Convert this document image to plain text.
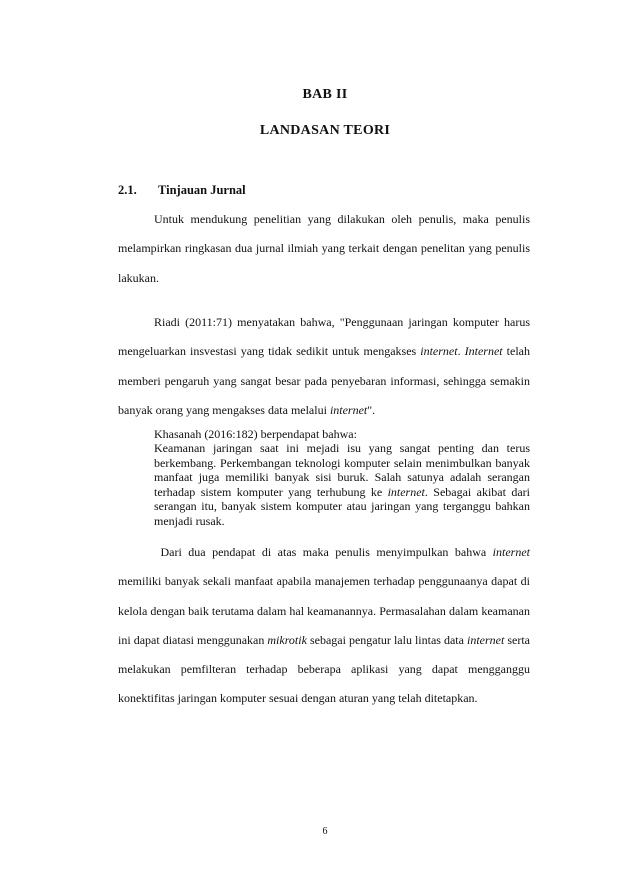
BAB II
LANDASAN TEORI
2.1. Tinjauan Jurnal
Untuk mendukung penelitian yang dilakukan oleh penulis, maka penulis melampirkan ringkasan dua jurnal ilmiah yang terkait dengan penelitan yang penulis lakukan.
Riadi (2011:71) menyatakan bahwa, "Penggunaan jaringan komputer harus mengeluarkan insvestasi yang tidak sedikit untuk mengakses internet. Internet telah memberi pengaruh yang sangat besar pada penyebaran informasi, sehingga semakin banyak orang yang mengakses data melalui internet".
Khasanah (2016:182) berpendapat bahwa:
Keamanan jaringan saat ini mejadi isu yang sangat penting dan terus berkembang. Perkembangan teknologi komputer selain menimbulkan banyak manfaat juga memiliki banyak sisi buruk. Salah satunya adalah serangan terhadap sistem komputer yang terhubung ke internet. Sebagai akibat dari serangan itu, banyak sistem komputer atau jaringan yang terganggu bahkan menjadi rusak.
Dari dua pendapat di atas maka penulis menyimpulkan bahwa internet memiliki banyak sekali manfaat apabila manajemen terhadap penggunaanya dapat di kelola dengan baik terutama dalam hal keamanannya. Permasalahan dalam keamanan ini dapat diatasi menggunakan mikrotik sebagai pengatur lalu lintas data internet serta melakukan pemfilteran terhadap beberapa aplikasi yang dapat mengganggu konektifitas jaringan komputer sesuai dengan aturan yang telah ditetapkan.
6
